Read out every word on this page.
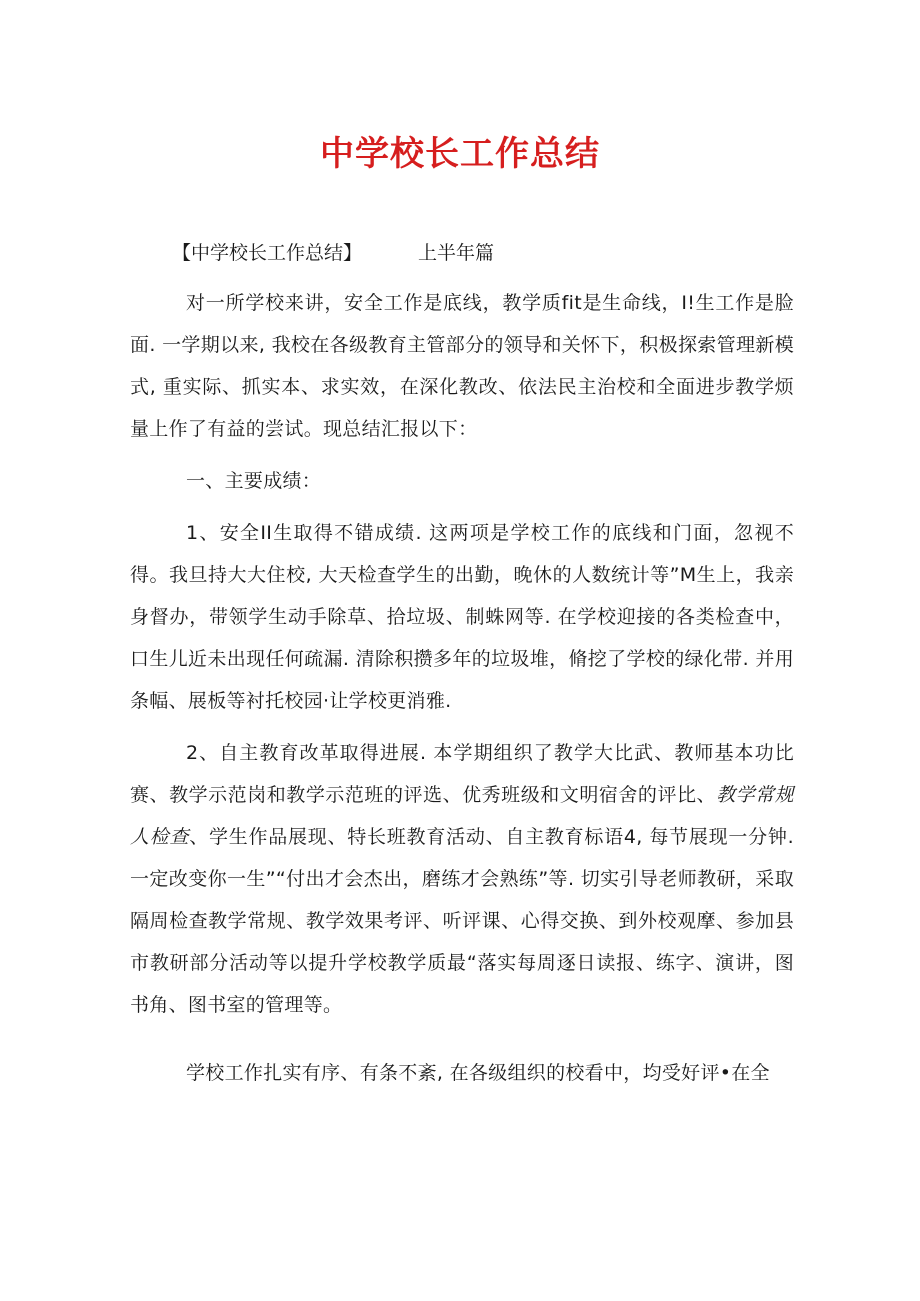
中学校长工作总结

【中学校长工作总结】	上半年篇

对一所学校来讲，安全工作是底线，教学质fit是生命线，I!生工作是脸面. 一学期以来, 我校在各级教育主管部分的领导和关怀下，积极探索管理新模式, 重实际、抓实本、求实效，在深化教改、依法民主治校和全面进步教学烦量上作了有益的尝试。现总结汇报以下：

一、主要成绩：

1、安全II生取得不错成绩. 这两项是学校工作的底线和门面，忽视不得。我旦持大大住校, 大天检查学生的出勤，晚休的人数统计等”M生上，我亲身督办，带领学生动手除草、拾垃圾、制蛛网等. 在学校迎接的各类检查中，口生儿近未出现任何疏漏. 清除积攒多年的垃圾堆，脩挖了学校的绿化带. 并用条幅、展板等衬托校园·让学校更消雅.

2、自主教育改革取得进展. 本学期组织了教学大比武、教师基本功比赛、教学示范岗和教学示范班的评选、优秀班级和文明宿舍的评比、教学常规人检查、学生作品展现、特长班教育活动、自主教育标语4, 每节展现一分钟. 一定改变你一生”“付出才会杰出，磨练才会熟练”等. 切实引导老师教研，采取隔周检查教学常规、教学效果考评、听评课、心得交换、到外校观摩、参加县市教研部分活动等以提升学校教学质最“落实每周逐日读报、练字、演讲，图书角、图书室的管理等。

学校工作扎实有序、有条不紊, 在各级组织的校看中，均受好评•在全
